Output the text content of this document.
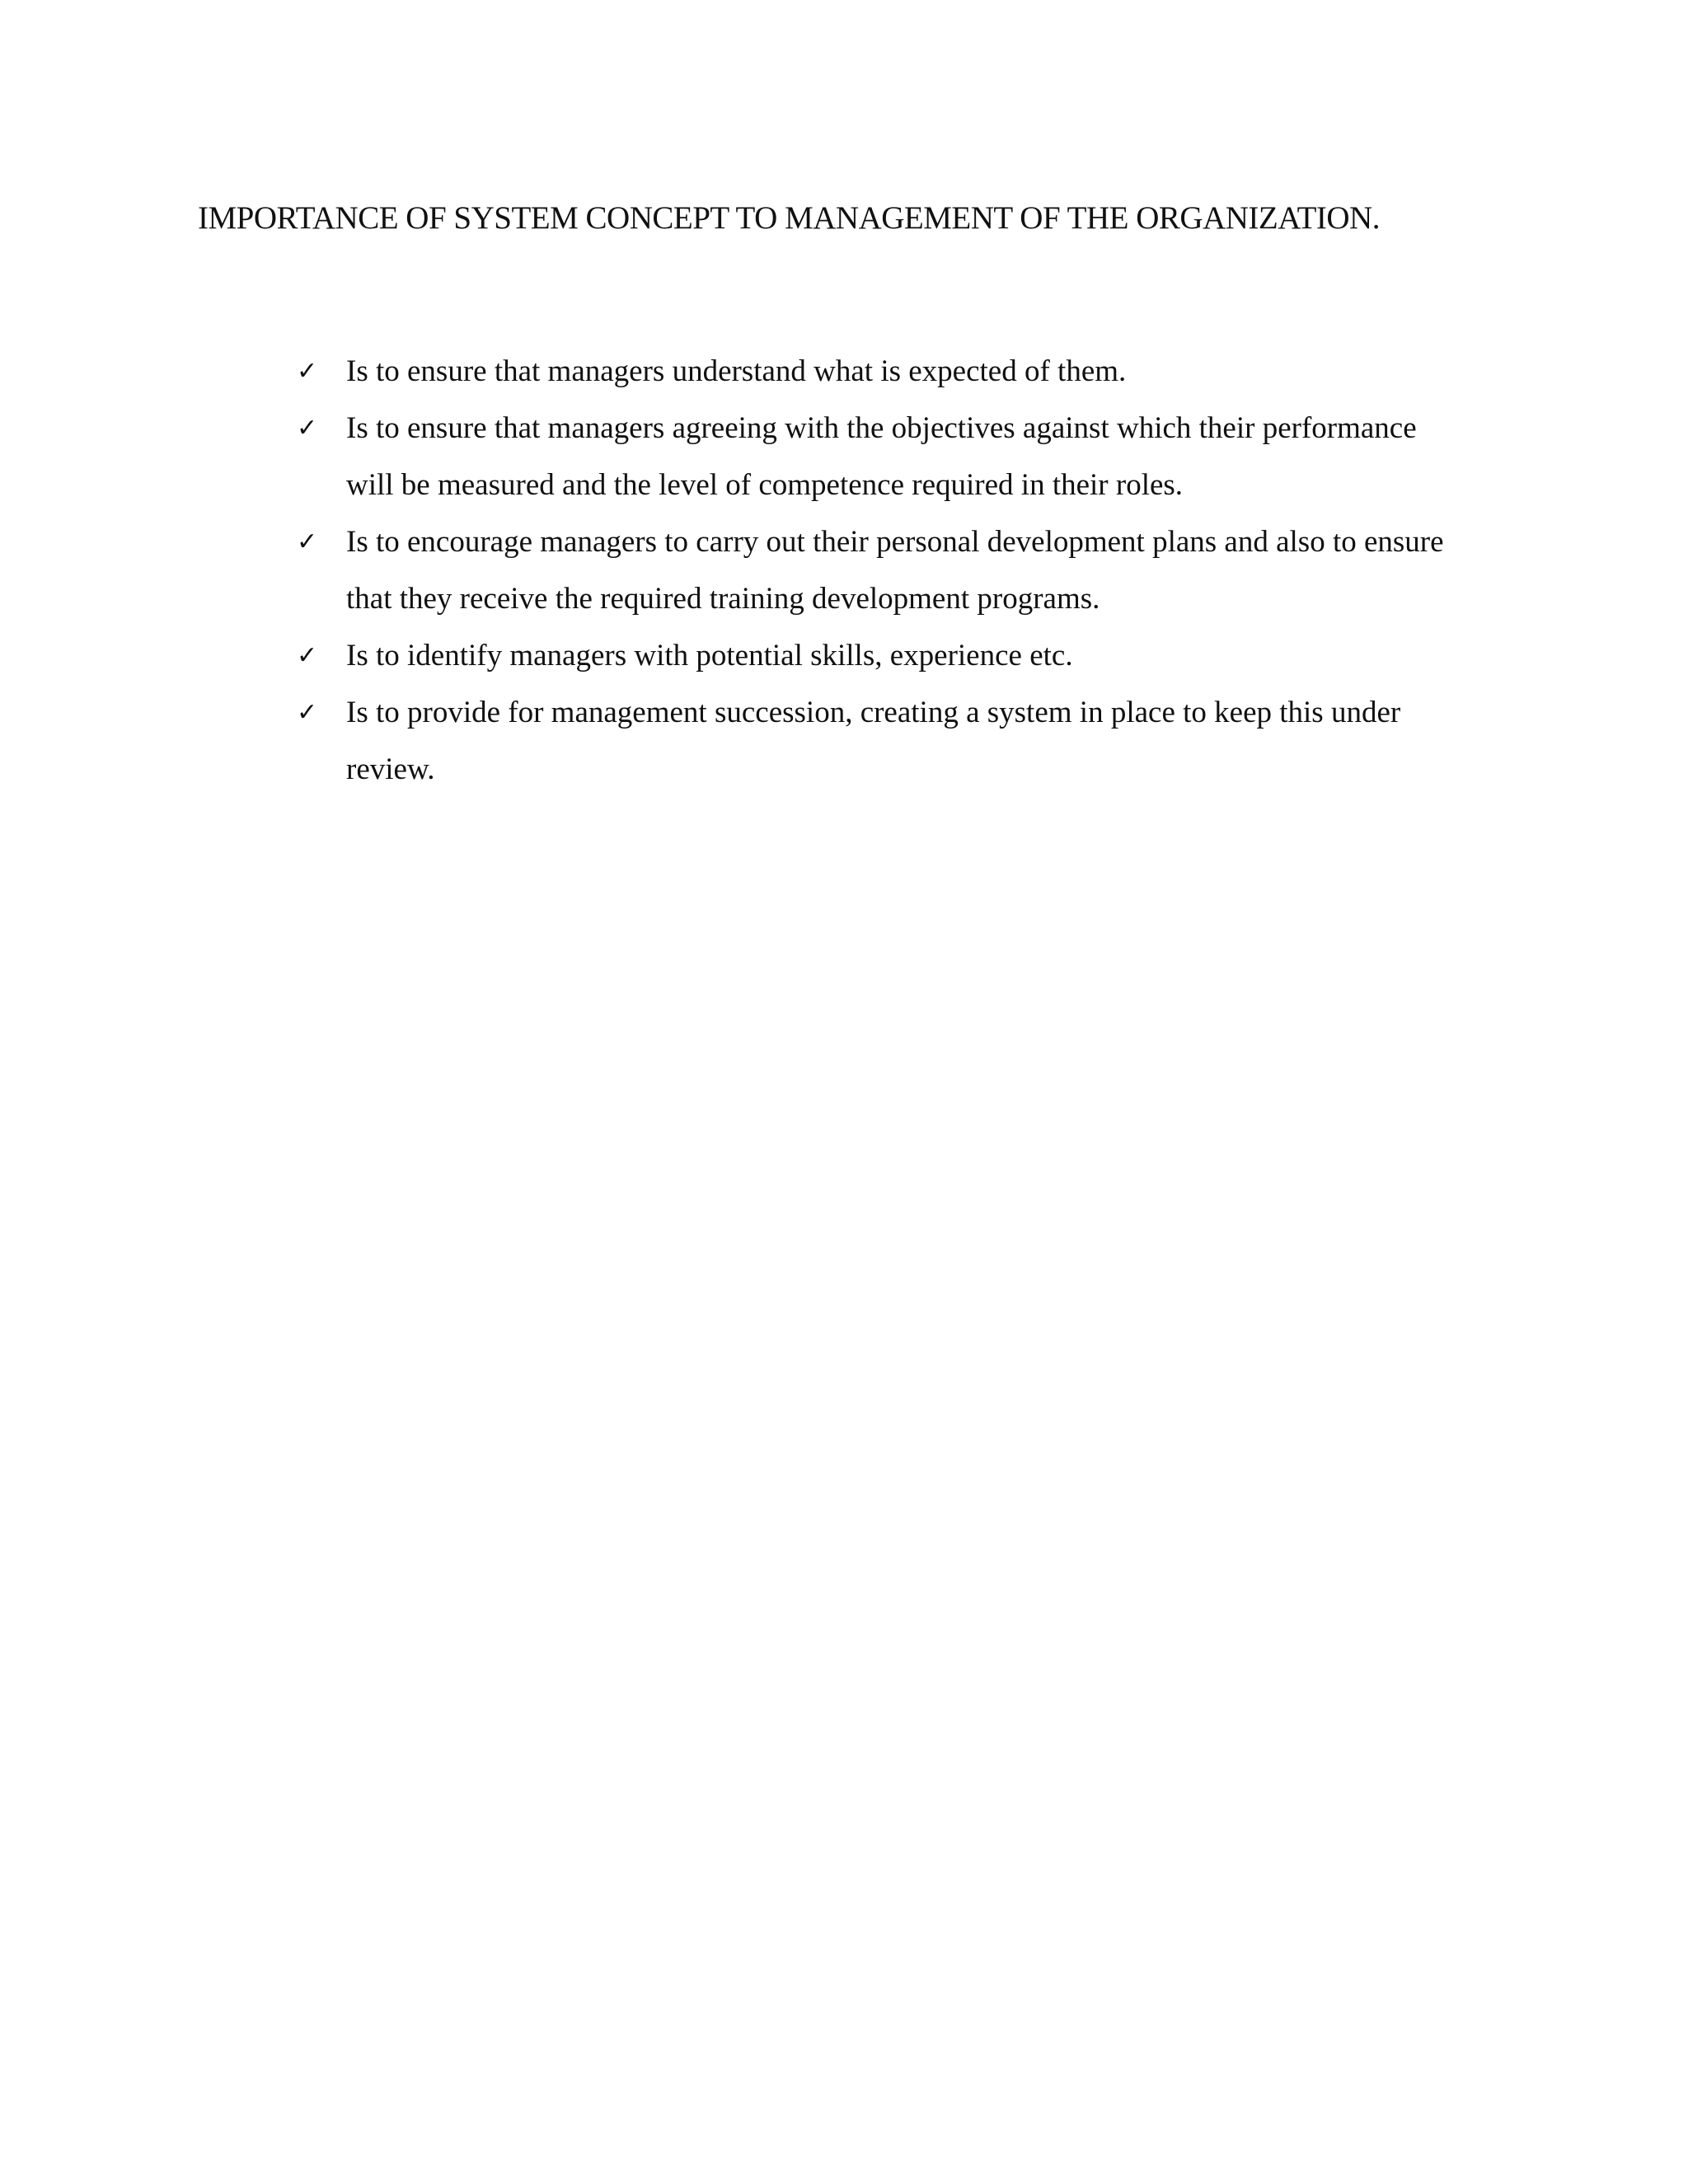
IMPORTANCE OF SYSTEM CONCEPT TO MANAGEMENT OF THE ORGANIZATION.
✓ Is to ensure that managers understand what is expected of them.
✓ Is to ensure that managers agreeing with the objectives against which their performance will be measured and the level of competence required in their roles.
✓ Is to encourage managers to carry out their personal development plans and also to ensure that they receive the required training development programs.
✓ Is to identify managers with potential skills, experience etc.
✓ Is to provide for management succession, creating a system in place to keep this under review.
